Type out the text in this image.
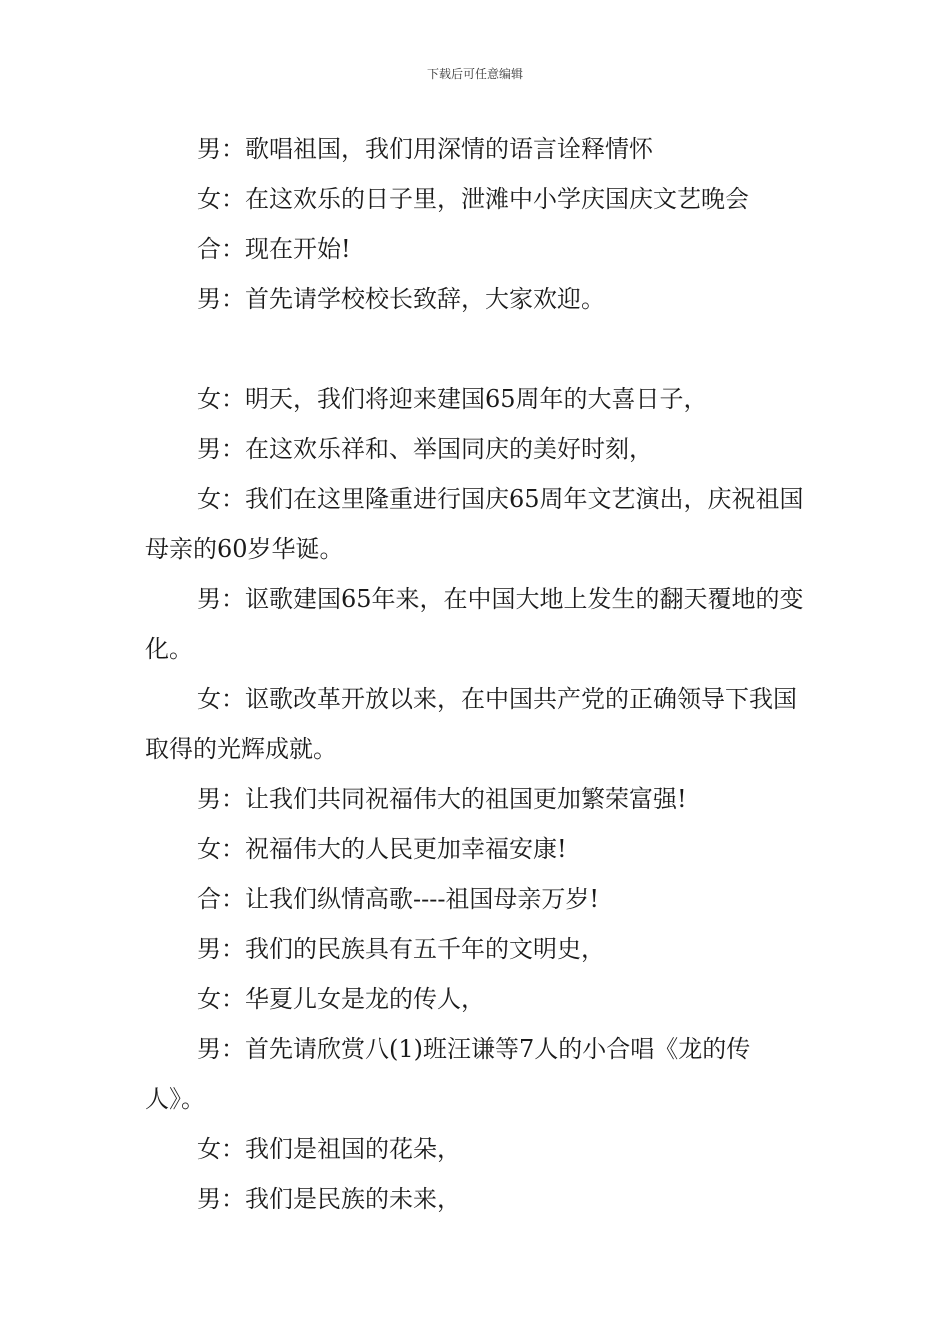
下载后可任意编辑

男：歌唱祖国，我们用深情的语言诠释情怀

女：在这欢乐的日子里，泄滩中小学庆国庆文艺晚会

合：现在开始!

男：首先请学校校长致辞，大家欢迎。

女：明天，我们将迎来建国65周年的大喜日子，

男：在这欢乐祥和、举国同庆的美好时刻，

女：我们在这里隆重进行国庆65周年文艺演出，庆祝祖国母亲的60岁华诞。

男：讴歌建国65年来，在中国大地上发生的翻天覆地的变化。

女：讴歌改革开放以来，在中国共产党的正确领导下我国取得的光辉成就。

男：让我们共同祝福伟大的祖国更加繁荣富强!

女：祝福伟大的人民更加幸福安康!

合：让我们纵情高歌----祖国母亲万岁!

男：我们的民族具有五千年的文明史，

女：华夏儿女是龙的传人，

男：首先请欣赏八(1)班汪谦等7人的小合唱《龙的传人》。

女：我们是祖国的花朵，

男：我们是民族的未来，
